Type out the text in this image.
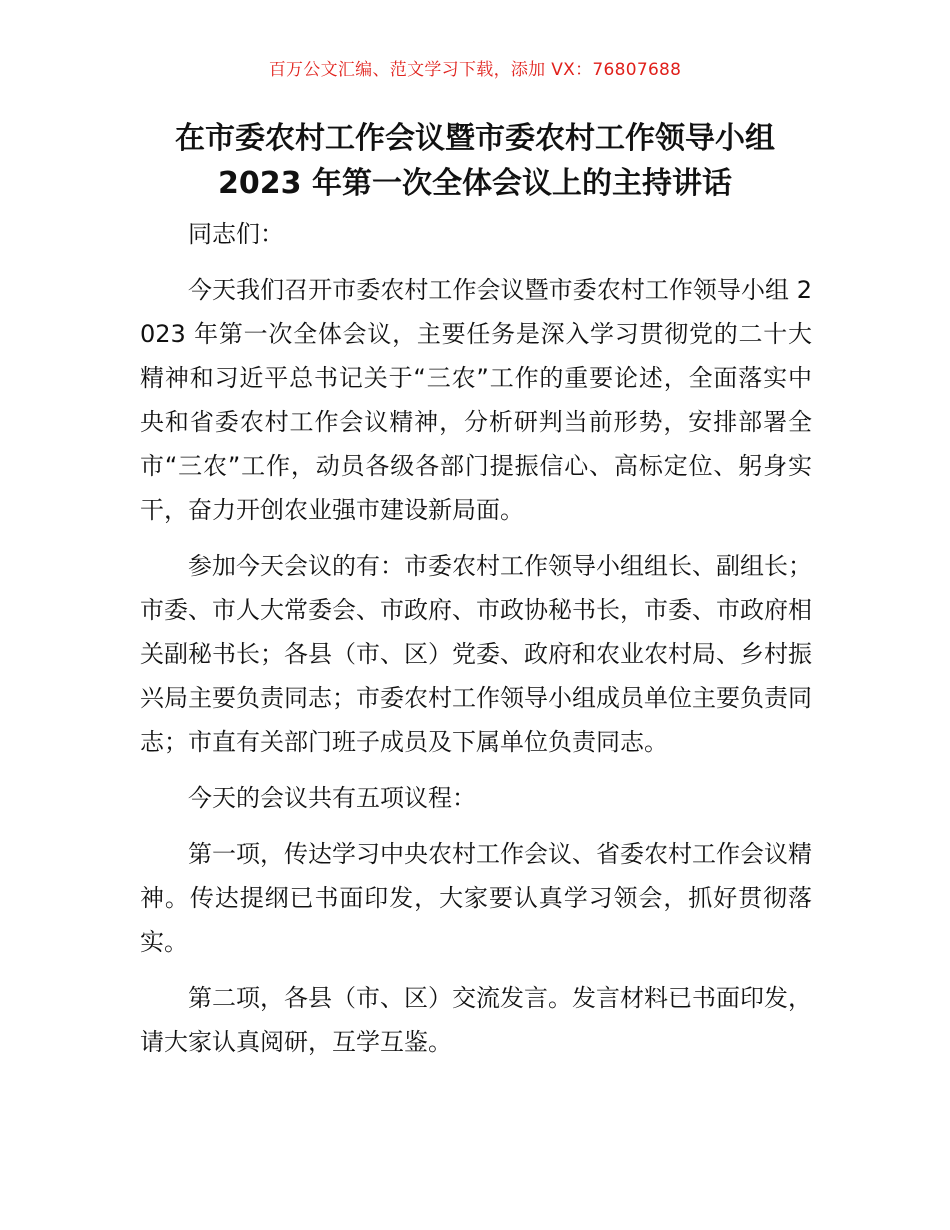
百万公文汇编、范文学习下载，添加 VX：76807688
在市委农村工作会议暨市委农村工作领导小组
2023 年第一次全体会议上的主持讲话

同志们：

今天我们召开市委农村工作会议暨市委农村工作领导小组 2023 年第一次全体会议，主要任务是深入学习贯彻党的二十大精神和习近平总书记关于“三农”工作的重要论述，全面落实中央和省委农村工作会议精神，分析研判当前形势，安排部署全市“三农”工作，动员各级各部门提振信心、高标定位、躬身实干，奋力开创农业强市建设新局面。

参加今天会议的有：市委农村工作领导小组组长、副组长；市委、市人大常委会、市政府、市政协秘书长，市委、市政府相关副秘书长；各县（市、区）党委、政府和农业农村局、乡村振兴局主要负责同志；市委农村工作领导小组成员单位主要负责同志；市直有关部门班子成员及下属单位负责同志。

今天的会议共有五项议程：

第一项，传达学习中央农村工作会议、省委农村工作会议精神。传达提纲已书面印发，大家要认真学习领会，抓好贯彻落实。

第二项，各县（市、区）交流发言。发言材料已书面印发，请大家认真阅研，互学互鉴。
